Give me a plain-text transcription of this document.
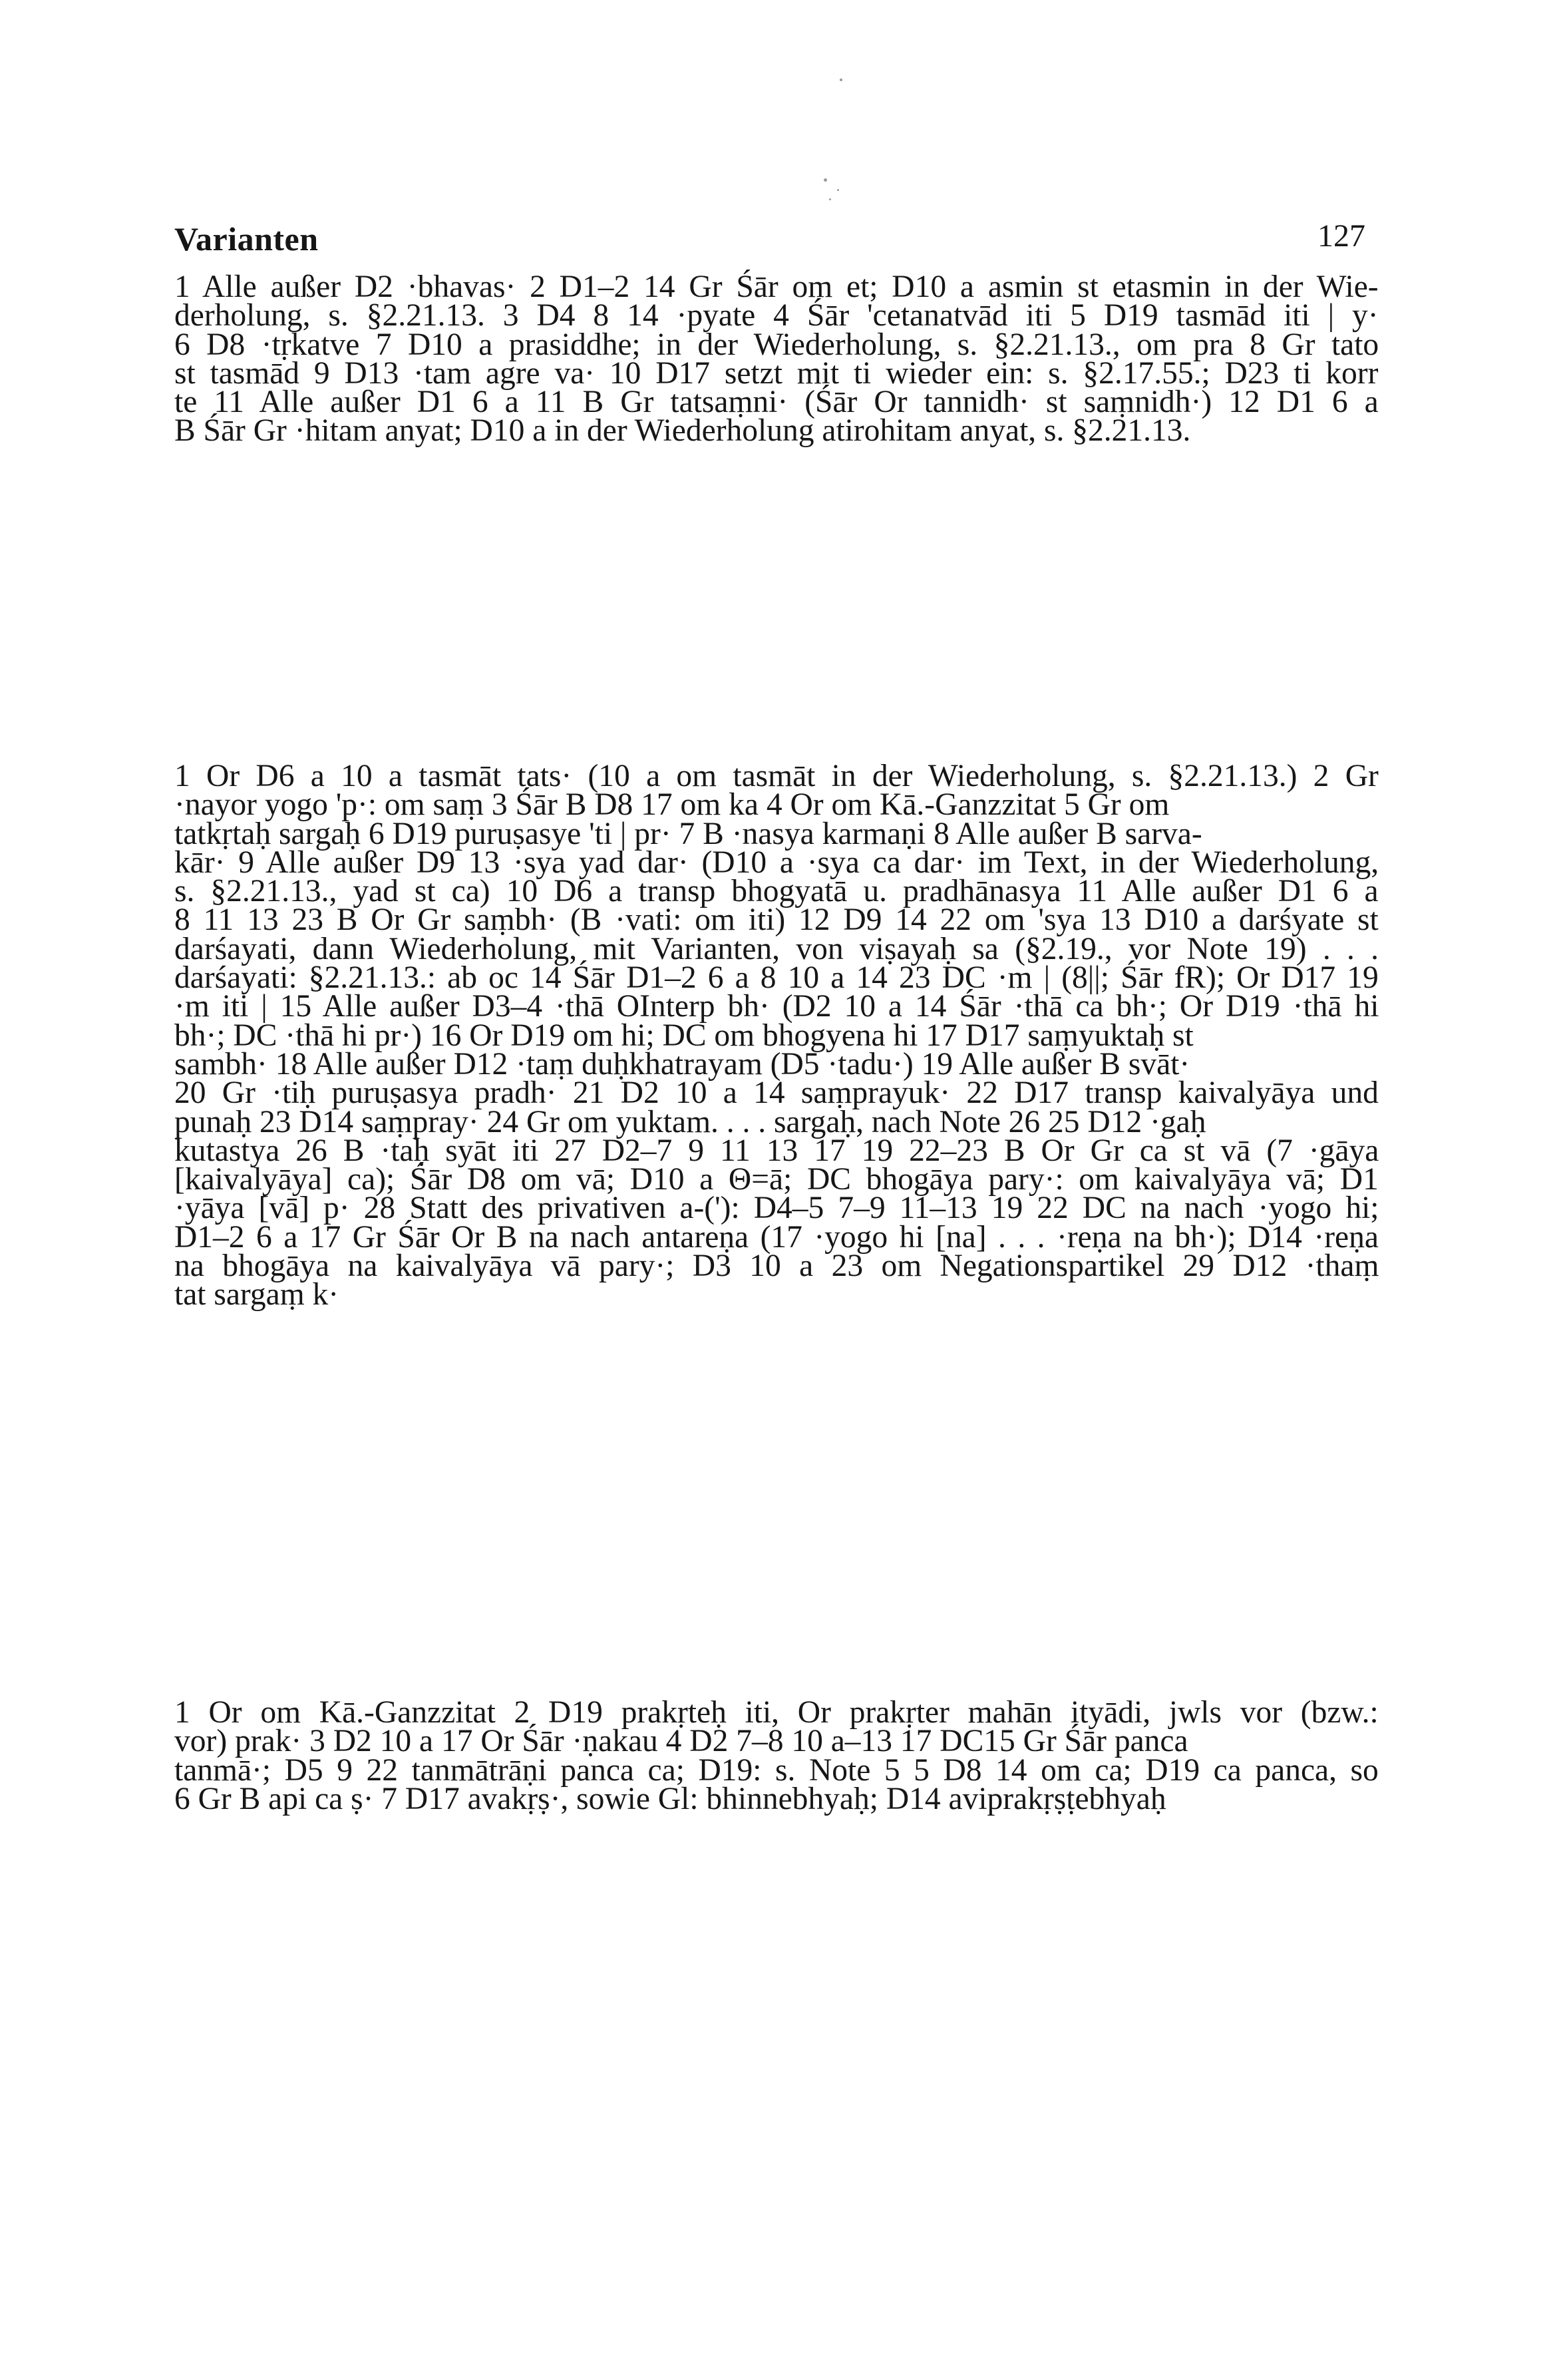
Varianten	127
1 Alle außer D2 ·bhavas· 2 D1–2 14 Gr Śār om et; D10 a asmin st etasmin in der Wie-
derholung, s. §2.21.13. 3 D4 8 14 ·pyate 4 Śār 'cetanatvād iti 5 D19 tasmād iti | y·
6 D8 ·tṛkatve 7 D10 a prasiddhe; in der Wiederholung, s. §2.21.13., om pra 8 Gr tato
st tasmād 9 D13 ·tam agre va· 10 D17 setzt mit ti wieder ein: s. §2.17.55.; D23 ti korr
te 11 Alle außer D1 6 a 11 B Gr tatsaṃni· (Śār Or tannidh· st saṃnidh·) 12 D1 6 a
B Śār Gr ·hitam anyat; D10 a in der Wiederholung atirohitam anyat, s. §2.21.13.
1 Or D6 a 10 a tasmāt tats· (10 a om tasmāt in der Wiederholung, s. §2.21.13.) 2 Gr
·nayor yogo 'p·: om saṃ 3 Śār B D8 17 om ka 4 Or om Kā.-Ganzzitat 5 Gr om
tatkṛtaḥ sargaḥ 6 D19 puruṣasye 'ti | pr· 7 B ·nasya karmaṇi 8 Alle außer B sarva-
kār· 9 Alle außer D9 13 ·sya yad dar· (D10 a ·sya ca dar· im Text, in der Wiederholung,
s. §2.21.13., yad st ca) 10 D6 a transp bhogyatā u. pradhānasya 11 Alle außer D1 6 a
8 11 13 23 B Or Gr saṃbh· (B ·vati: om iti) 12 D9 14 22 om 'sya 13 D10 a darśyate st
darśayati, dann Wiederholung, mit Varianten, von viṣayaḥ sa (§2.19., vor Note 19) . . .
darśayati: §2.21.13.: ab oc 14 Śār D1–2 6 a 8 10 a 14 23 DC ·m | (8||; Śār fR); Or D17 19
·m iti | 15 Alle außer D3–4 ·thā OInterp bh· (D2 10 a 14 Śār ·thā ca bh·; Or D19 ·thā hi
bh·; DC ·thā hi pr·) 16 Or D19 om hi; DC om bhogyena hi 17 D17 saṃyuktaḥ st
sambh· 18 Alle außer D12 ·taṃ duḥkhatrayam (D5 ·tadu·) 19 Alle außer B svāt·
20 Gr ·tiḥ puruṣasya pradh· 21 D2 10 a 14 saṃprayuk· 22 D17 transp kaivalyāya und
punaḥ 23 D14 saṃpray· 24 Gr om yuktam. . . . sargaḥ, nach Note 26 25 D12 ·gaḥ
kutastya 26 B ·taḥ syāt iti 27 D2–7 9 11 13 17 19 22–23 B Or Gr ca st vā (7 ·gāya
[kaivalyāya] ca); Śār D8 om vā; D10 a Θ=ā; DC bhogāya pary·: om kaivalyāya vā; D1
·yāya [vā] p· 28 Statt des privativen a-('): D4–5 7–9 11–13 19 22 DC na nach ·yogo hi;
D1–2 6 a 17 Gr Śār Or B na nach antareṇa (17 ·yogo hi [na] . . . ·reṇa na bh·); D14 ·reṇa
na bhogāya na kaivalyāya vā pary·; D3 10 a 23 om Negationspartikel 29 D12 ·thaṃ
tat sargaṃ k·
1 Or om Kā.-Ganzzitat 2 D19 prakṛteḥ iti, Or prakṛter mahān ityādi, jwls vor (bzw.:
vor) prak· 3 D2 10 a 17 Or Śār ·ṇakau 4 D2 7–8 10 a–13 17 DC15 Gr Śār panca
tanmā·; D5 9 22 tanmātrāṇi panca ca; D19: s. Note 5 5 D8 14 om ca; D19 ca panca, so
6 Gr B api ca ṣ· 7 D17 avakṛṣ·, sowie Gl: bhinnebhyaḥ; D14 aviprakṛṣṭebhyaḥ
